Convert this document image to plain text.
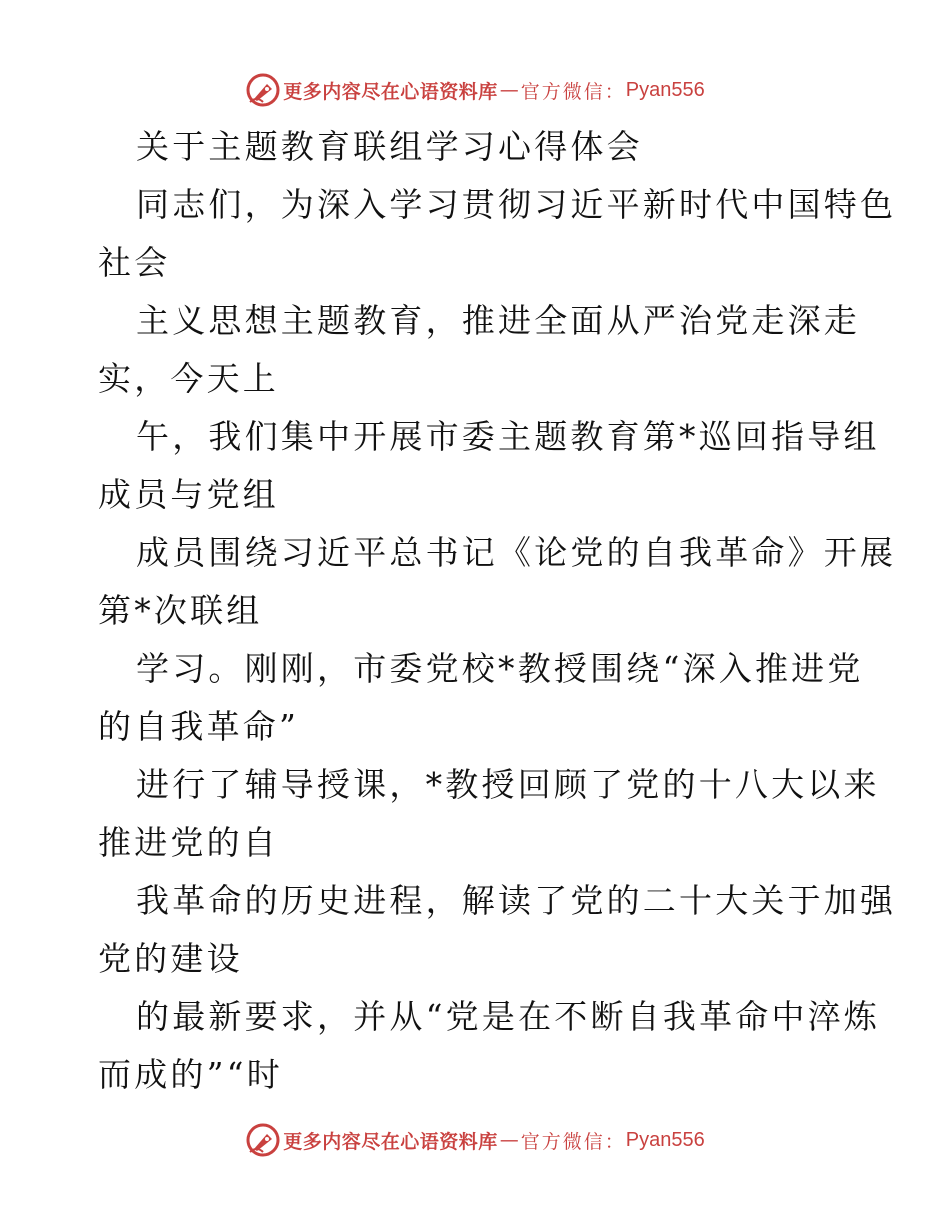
更多内容尽在心语资料库 — 官方微信： Pyan556
关于主题教育联组学习心得体会
同志们，为深入学习贯彻习近平新时代中国特色
社会
主义思想主题教育，推进全面从严治党走深走
实，今天上
午，我们集中开展市委主题教育第*巡回指导组
成员与党组
成员围绕习近平总书记《论党的自我革命》开展
第*次联组
学习。刚刚，市委党校*教授围绕“深入推进党
的自我革命”
进行了辅导授课，*教授回顾了党的十八大以来
推进党的自
我革命的历史进程，解读了党的二十大关于加强
党的建设
的最新要求，并从“党是在不断自我革命中淬炼
而成的”“时
更多内容尽在心语资料库 — 官方微信： Pyan556
